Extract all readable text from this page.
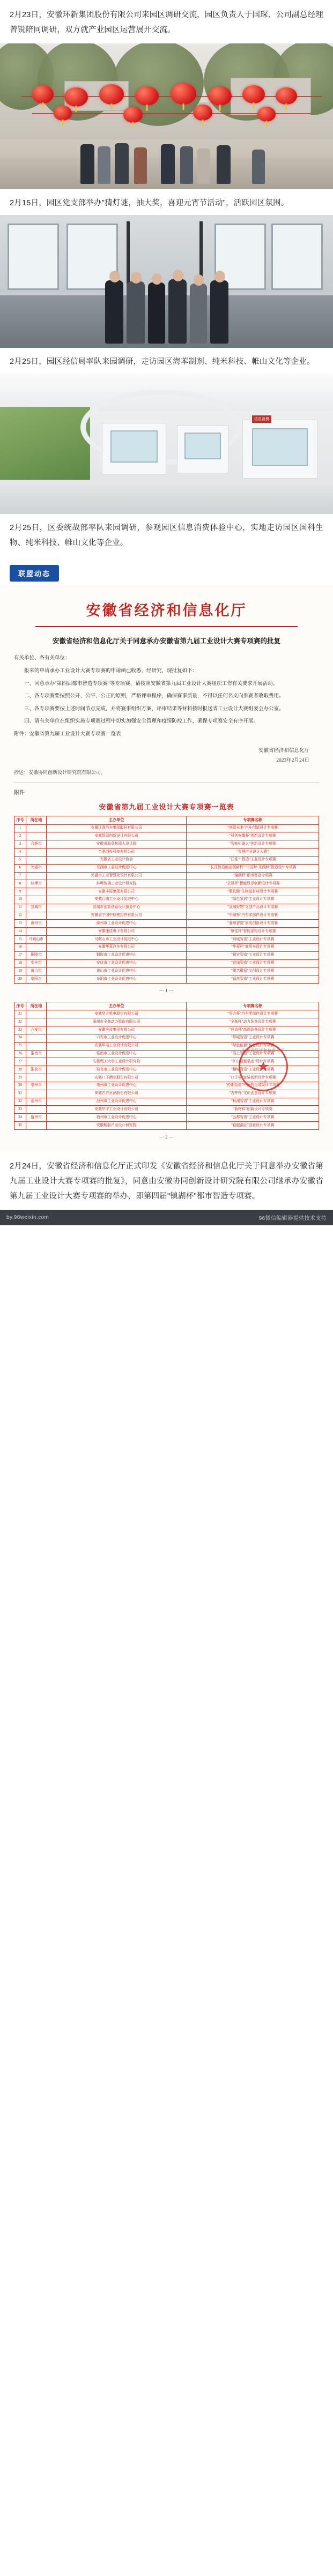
2月23日，安徽环新集团股份有限公司来园区调研交流，园区负责人于国琛、公司副总经理曾锐陪同调研，双方就产业园区运营展开交流。
2月15日，园区党支部举办"猜灯谜，抽大奖，喜迎元宵节活动"，活跃园区氛围。
2月25日，园区经信局率队来园调研，走访园区海苯制剂、纯米科技、帷山文化等企业。
信息消费
2月25日，区委统战部率队来园调研，参观园区信息消费体验中心，实地走访园区国科生物、纯米科技、帷山文化等企业。
联盟动态
安徽省经济和信息化厅
安徽省经济和信息化厅关于同意承办安徽省第九届工业设计大赛专项赛的批复

有关单位、各有关单位：

报来的申请承办工业设计大赛专项赛的申请函已收悉，经研究，现批复如下：

一、同意承办"第四届都市智造专项赛"等专项赛，请按照安徽省第九届工业设计大赛组织工作有关要求开展活动。

二、各专项赛要按照公开、公平、公正的原则，严格评审程序，确保赛事质量，不得以任何名义向参赛者收取费用。

三、各专项赛要按上述时间节点完成，并将赛事组织方案、评审结果等材料按时报送省工业设计大赛组委会办公室。

四、请有关单位在组织实施专项赛过程中切实加强安全管理和疫情防控工作，确保专项赛安全有序开展。

附件：安徽省第九届工业设计大赛专项赛一览表

安徽省经济和信息化厅
2023年2月24日
★ 安徽省经济和信息化厅
公章
抄送：安徽协同创新设计研究院有限公司。
附件
安徽省第九届工业设计大赛专项赛一览表
序号	所在地	主办单位	专项赛名称
1		安徽江淮汽车集团股份有限公司	"创意未来"汽车创新设计专项赛
2		安徽智联创新设计有限公司	"科创安徽杯"创新设计专项赛
3	合肥市	安徽省服务机器人设计院	"智能机器人"创新设计专项赛
4		合肥创投科技有限公司	"智慧产业设计大赛"
5		安徽省工业设计协会	"江淮十智造"工业设计专项赛
6	芜湖市	芜湖市工业设计促进中心	"长江智造创业创新杯""中国梦·芜湖梦"智造设计专项赛
7		芜湖市工业智慧化设计有限公司	"镜湖杯"都市智造专项赛
8	蚌埠市	蚌埠玻璃工业设计研究院	"云显杯"智能显示创新设计专项赛
9		安徽丰原集团有限公司	"聚乳酸"生物基材料设计专项赛
10		安徽江南工业设计促进中心	"绿色家居"工业设计专项赛
11	宣城市	宣城市创新创意设计服务中心	"宣城好物"文创产品设计专项赛
12		安徽省宁国中鼎密封件有限公司	"中鼎杯"汽车零部件设计专项赛
13	滁州市	滁州市工业设计促进中心	"滁州智造"家电创新设计专项赛
14		安徽康佳电子有限公司	"康佳杯"智能家电设计专项赛
15	马鞍山市	马鞍山市工业设计促进中心	"诗城智造"工业设计专项赛
16		安徽华菱汽车有限公司	"华菱杯"商用车设计专项赛
17	铜陵市	铜陵市工业设计促进中心	"铜官智造"工业设计专项赛
18	安庆市	安庆市工业设计促进中心	"宜城智造"工业设计专项赛
19	黄山市	黄山市工业设计促进中心	"徽艺徽派"文创设计专项赛
20	阜阳市	阜阳市工业设计促进中心	"颍淮智造"工业设计专项赛
— 1 —
序号	所在地	主办单位	专项赛名称
21		安徽昊方机电股份有限公司	"昊方杯"汽车零部件设计专项赛
22		滁州市全柴动力股份有限公司	"全柴杯"动力装备设计专项赛
23	六安市	安徽应流集团有限公司	"应流杯"高端装备设计专项赛
24		六安市工业设计促进中心	"皋城智造"工业设计专项赛
25		安徽华电工业设计有限公司	"绿色能源"装备设计专项赛
26	淮南市	淮南市工业设计促进中心	"淮上智造"工业设计专项赛
27		安徽理工大学工业设计研究院	"矿山智能装备"设计专项赛
28	淮北市	淮北市工业设计促进中心	"相城智造"工业设计专项赛
29		安徽口子酒业股份有限公司	"口子窖"包装创新设计专项赛
30	亳州市	亳州市工业设计促进中心	"药都智造"中医药包装设计专项赛
31		安徽古井贡酒股份有限公司	"古井杯"文化创意设计专项赛
32	池州市	池州市工业设计促进中心	"秋浦智造"工业设计专项赛
33		安徽华宇工业设计有限公司	"新材料"创新设计专项赛
34	宿州市	宿州市工业设计促进中心	"云都智造"工业设计专项赛
35		安徽鞋服产业设计研究院	"鞋服潮品"创意设计专项赛
— 2 —
2月24日，安徽省经济和信息化厅正式印发《安徽省经济和信息化厅关于同意举办安徽省第九届工业设计大赛专项赛的批复》，同意由安徽协同创新设计研究院有限公司继承办安徽省第九届工业设计大赛专项赛的举办，即第四届"镇湖杯"都市智造专项赛。
by.96weixin.com	96微信编辑器提供技术支持
